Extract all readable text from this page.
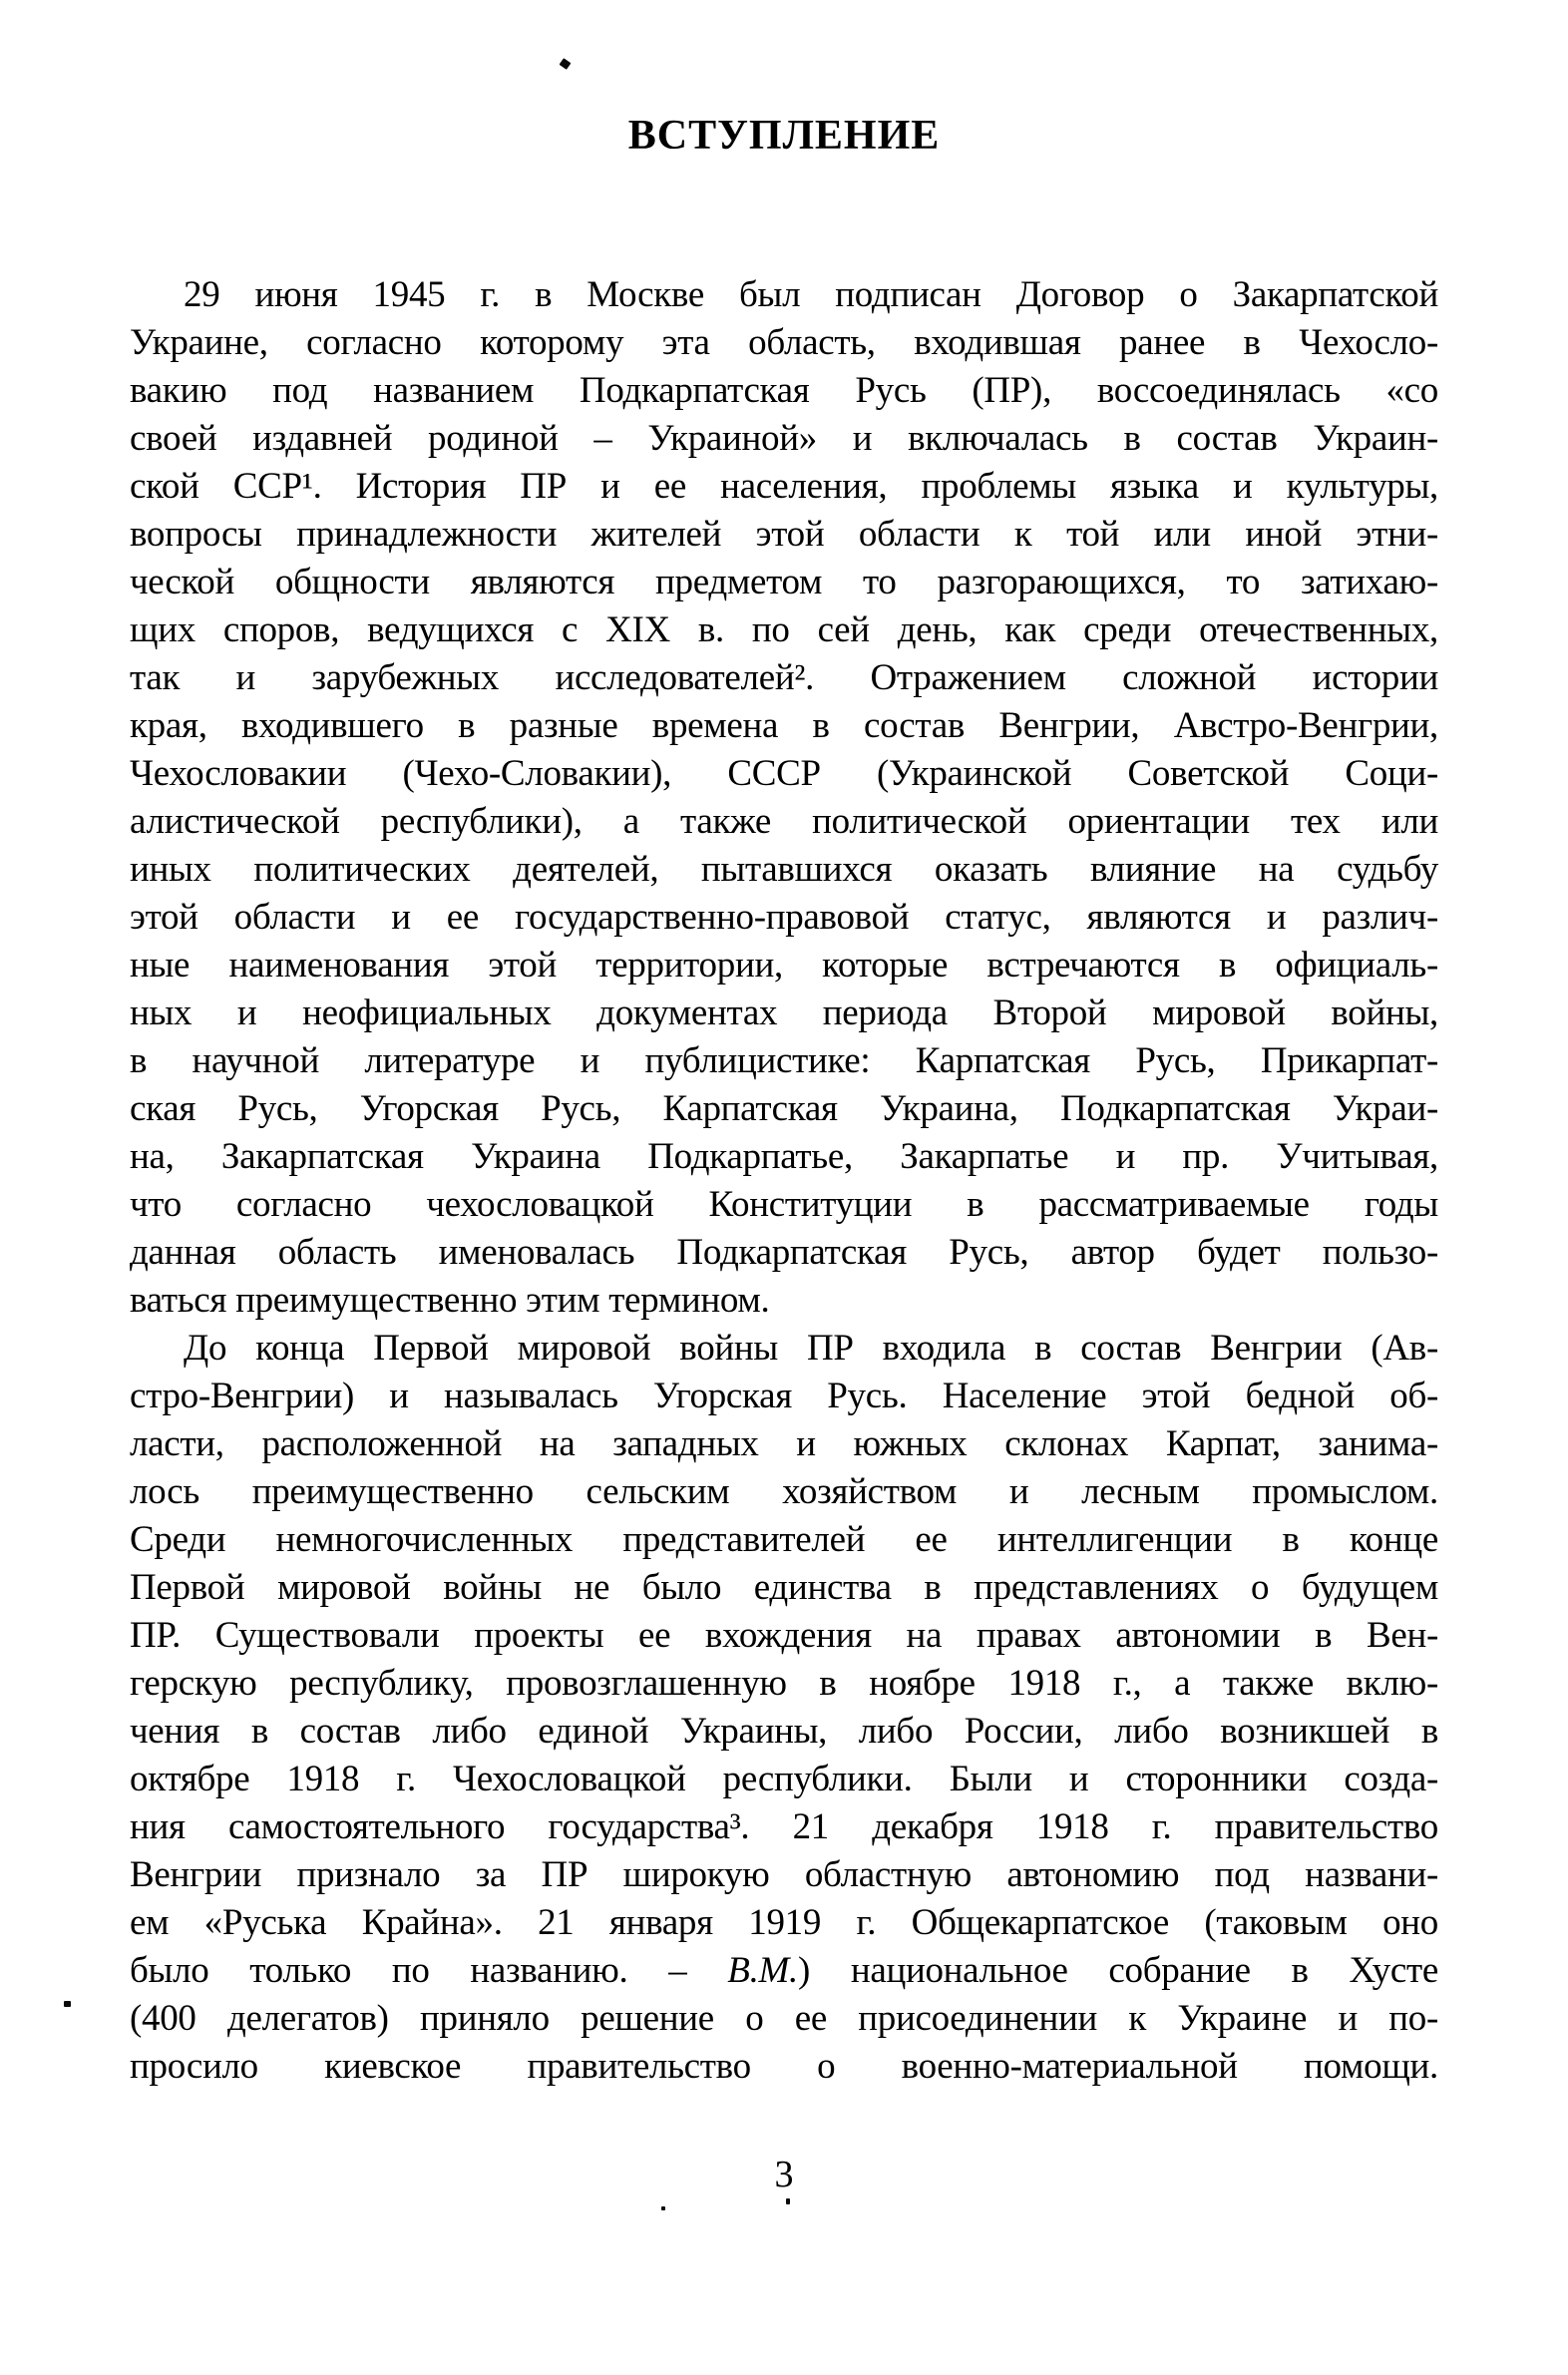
ВСТУПЛЕНИЕ
29 июня 1945 г. в Москве был подписан Договор о Закарпатской
Украине, согласно которому эта область, входившая ранее в Чехосло-
вакию под названием Подкарпатская Русь (ПР), воссоединялась «со
своей издавней родиной – Украиной» и включалась в состав Украин-
ской ССР¹. История ПР и ее населения, проблемы языка и культуры,
вопросы принадлежности жителей этой области к той или иной этни-
ческой общности являются предметом то разгорающихся, то затихаю-
щих споров, ведущихся с XIX в. по сей день, как среди отечественных,
так и зарубежных исследователей². Отражением сложной истории
края, входившего в разные времена в состав Венгрии, Австро-Венгрии,
Чехословакии (Чехо-Словакии), СССР (Украинской Советской Соци-
алистической республики), а также политической ориентации тех или
иных политических деятелей, пытавшихся оказать влияние на судьбу
этой области и ее государственно-правовой статус, являются и различ-
ные наименования этой территории, которые встречаются в официаль-
ных и неофициальных документах периода Второй мировой войны,
в научной литературе и публицистике: Карпатская Русь, Прикарпат-
ская Русь, Угорская Русь, Карпатская Украина, Подкарпатская Украи-
на, Закарпатская Украина Подкарпатье, Закарпатье и пр. Учитывая,
что согласно чехословацкой Конституции в рассматриваемые годы
данная область именовалась Подкарпатская Русь, автор будет пользо-
ваться преимущественно этим термином.
До конца Первой мировой войны ПР входила в состав Венгрии (Ав-
стро-Венгрии) и называлась Угорская Русь. Население этой бедной об-
ласти, расположенной на западных и южных склонах Карпат, занима-
лось преимущественно сельским хозяйством и лесным промыслом.
Среди немногочисленных представителей ее интеллигенции в конце
Первой мировой войны не было единства в представлениях о будущем
ПР. Существовали проекты ее вхождения на правах автономии в Вен-
герскую республику, провозглашенную в ноябре 1918 г., а также вклю-
чения в состав либо единой Украины, либо России, либо возникшей в
октябре 1918 г. Чехословацкой республики. Были и сторонники созда-
ния самостоятельного государства³. 21 декабря 1918 г. правительство
Венгрии признало за ПР широкую областную автономию под названи-
ем «Руська Крайна». 21 января 1919 г. Общекарпатское (таковым оно
было только по названию. – В.М.) национальное собрание в Хусте
(400 делегатов) приняло решение о ее присоединении к Украине и по-
просило киевское правительство о военно-материальной помощи.
3
